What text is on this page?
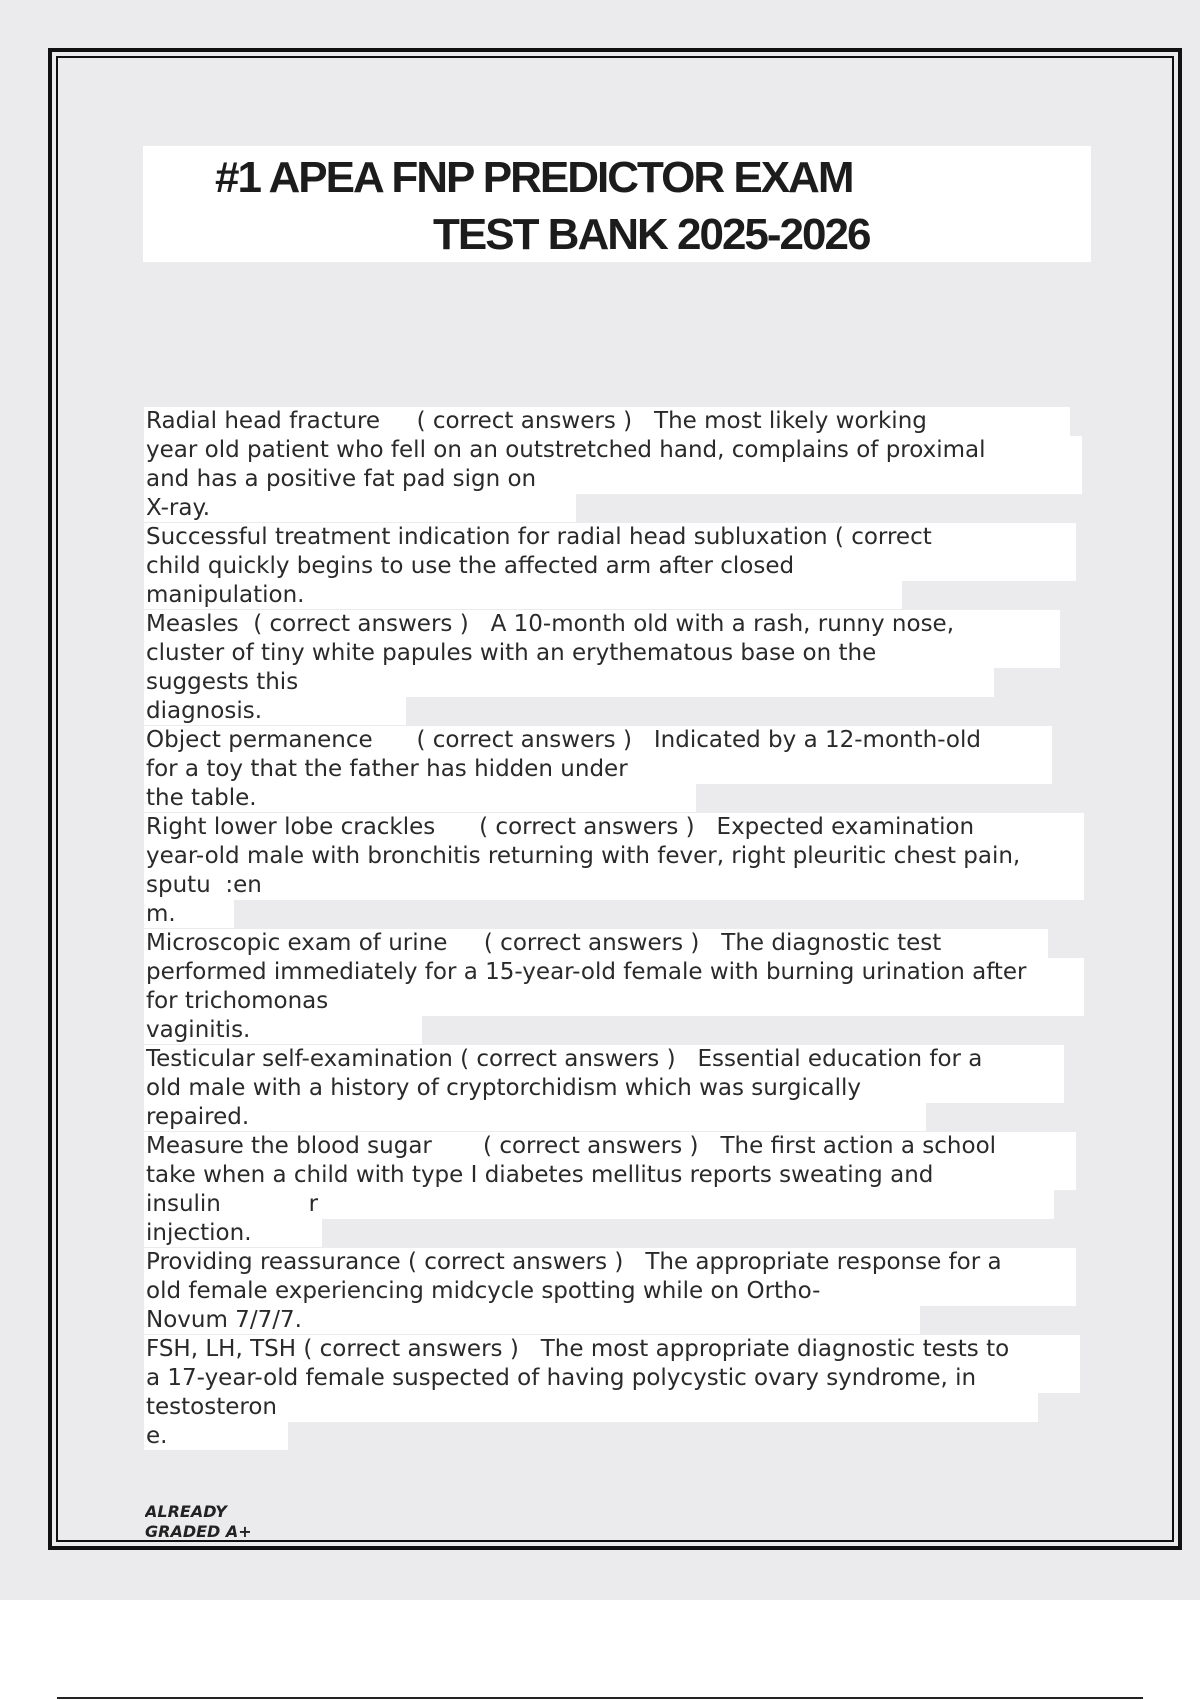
#1 APEA FNP PREDICTOR EXAM
TEST BANK 2025-2026

Radial head fracture     ( correct answers )   The most likely working

year old patient who fell on an outstretched hand, complains of proximal

and has a positive fat pad sign on

X-ray.

Successful treatment indication for radial head subluxation ( correct

child quickly begins to use the affected arm after closed

manipulation.

Measles  ( correct answers )   A 10-month old with a rash, runny nose,

cluster of tiny white papules with an erythematous base on the

suggests this

diagnosis.

Object permanence      ( correct answers )   Indicated by a 12-month-old

for a toy that the father has hidden under

the table.

Right lower lobe crackles      ( correct answers )   Expected examination

year-old male with bronchitis returning with fever, right pleuritic chest pain,

sputu  :en

m.

Microscopic exam of urine     ( correct answers )   The diagnostic test

performed immediately for a 15-year-old female with burning urination after

for trichomonas

vaginitis.

Testicular self-examination ( correct answers )   Essential education for a

old male with a history of cryptorchidism which was surgically

repaired.

Measure the blood sugar       ( correct answers )   The first action a school

take when a child with type I diabetes mellitus reports sweating and

insulin            r

injection.

Providing reassurance ( correct answers )   The appropriate response for a

old female experiencing midcycle spotting while on Ortho-

Novum 7/7/7.

FSH, LH, TSH ( correct answers )   The most appropriate diagnostic tests to

a 17-year-old female suspected of having polycystic ovary syndrome, in

testosteron

e.

ALREADY GRADED A+
